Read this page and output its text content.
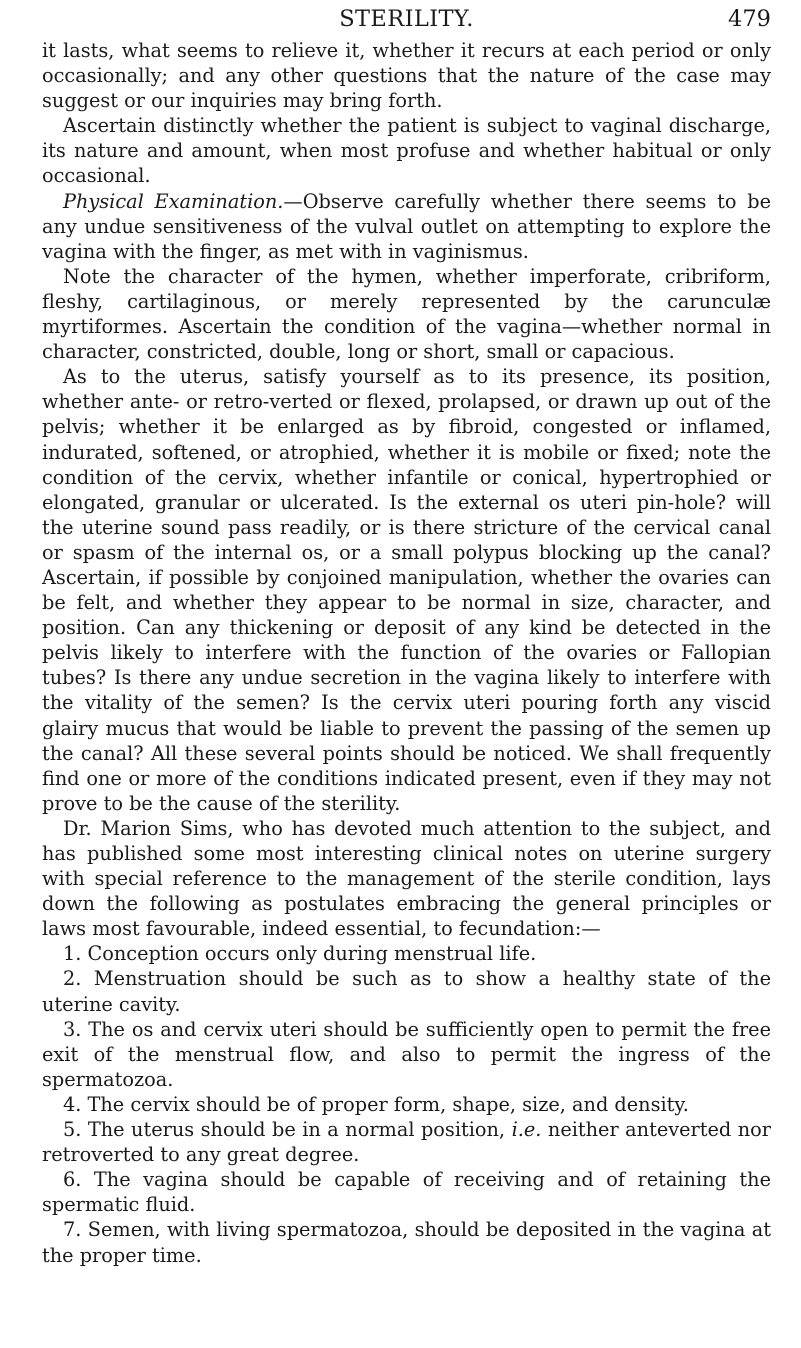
STERILITY.	479

it lasts, what seems to relieve it, whether it recurs at each period or only occasionally; and any other questions that the nature of the case may suggest or our inquiries may bring forth.

Ascertain distinctly whether the patient is subject to vaginal discharge, its nature and amount, when most profuse and whether habitual or only occasional.

Physical Examination.—Observe carefully whether there seems to be any undue sensitiveness of the vulval outlet on attempting to explore the vagina with the finger, as met with in vaginismus.

Note the character of the hymen, whether imperforate, cribriform, fleshy, cartilaginous, or merely represented by the carunculæ myrtiformes. Ascertain the condition of the vagina—whether normal in character, constricted, double, long or short, small or capacious.

As to the uterus, satisfy yourself as to its presence, its position, whether ante- or retro-verted or flexed, prolapsed, or drawn up out of the pelvis; whether it be enlarged as by fibroid, congested or inflamed, indurated, softened, or atrophied, whether it is mobile or fixed; note the condition of the cervix, whether infantile or conical, hypertrophied or elongated, granular or ulcerated. Is the external os uteri pin-hole? will the uterine sound pass readily, or is there stricture of the cervical canal or spasm of the internal os, or a small polypus blocking up the canal? Ascertain, if possible by conjoined manipulation, whether the ovaries can be felt, and whether they appear to be normal in size, character, and position. Can any thickening or deposit of any kind be detected in the pelvis likely to interfere with the function of the ovaries or Fallopian tubes? Is there any undue secretion in the vagina likely to interfere with the vitality of the semen? Is the cervix uteri pouring forth any viscid glairy mucus that would be liable to prevent the passing of the semen up the canal? All these several points should be noticed. We shall frequently find one or more of the conditions indicated present, even if they may not prove to be the cause of the sterility.

Dr. Marion Sims, who has devoted much attention to the subject, and has published some most interesting clinical notes on uterine surgery with special reference to the management of the sterile condition, lays down the following as postulates embracing the general principles or laws most favourable, indeed essential, to fecundation:—

1. Conception occurs only during menstrual life.

2. Menstruation should be such as to show a healthy state of the uterine cavity.

3. The os and cervix uteri should be sufficiently open to permit the free exit of the menstrual flow, and also to permit the ingress of the spermatozoa.

4. The cervix should be of proper form, shape, size, and density.

5. The uterus should be in a normal position, i.e. neither anteverted nor retroverted to any great degree.

6. The vagina should be capable of receiving and of retaining the spermatic fluid.

7. Semen, with living spermatozoa, should be deposited in the vagina at the proper time.
